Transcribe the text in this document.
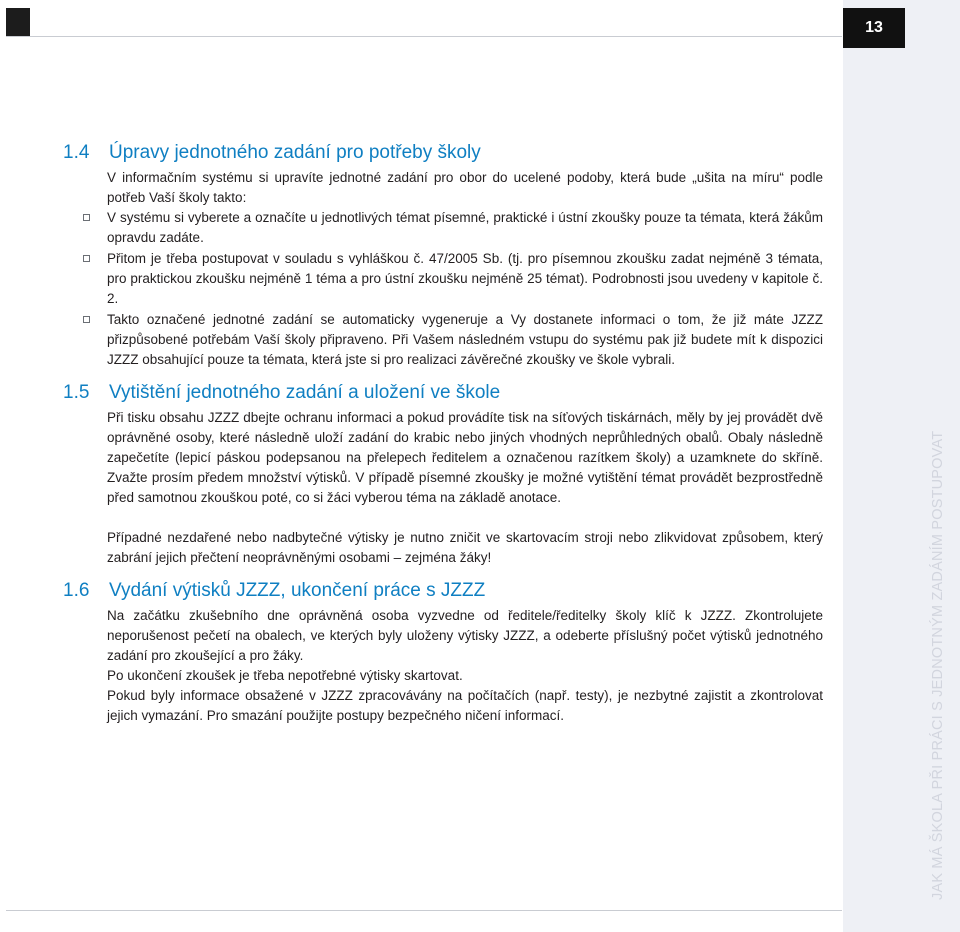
13
JAK MÁ ŠKOLA PŘI PRÁCI S JEDNOTNÝM ZADÁNÍM POSTUPOVAT
1.4 Úpravy jednotného zadání pro potřeby školy

V informačním systému si upravíte jednotné zadání pro obor do ucelené podoby, která bude „ušita na míru“ podle potřeb Vaší školy takto:

V systému si vyberete a označíte u jednotlivých témat písemné, praktické i ústní zkoušky pouze ta témata, která žákům opravdu zadáte.
Přitom je třeba postupovat v souladu s vyhláškou č. 47/2005 Sb. (tj. pro písemnou zkoušku zadat nejméně 3 témata, pro praktickou zkoušku nejméně 1 téma a pro ústní zkoušku nejméně 25 témat). Podrobnosti jsou uvedeny v kapitole č. 2.
Takto označené jednotné zadání se automaticky vygeneruje a Vy dostanete informaci o tom, že již máte JZZZ přizpůsobené potřebám Vaší školy připraveno. Při Vašem následném vstupu do systému pak již budete mít k dispozici JZZZ obsahující pouze ta témata, která jste si pro realizaci závěrečné zkoušky ve škole vybrali.
1.5 Vytištění jednotného zadání a uložení ve škole

Při tisku obsahu JZZZ dbejte ochranu informaci a pokud provádíte tisk na síťových tiskárnách, měly by jej provádět dvě oprávněné osoby, které následně uloží zadání do krabic nebo jiných vhodných neprůhledných obalů. Obaly následně zapečetíte (lepicí páskou podepsanou na přelepech ředitelem a označenou razítkem školy) a uzamknete do skříně. Zvažte prosím předem množství výtisků. V případě písemné zkoušky je možné vytištění témat provádět bezprostředně před samotnou zkouškou poté, co si žáci vyberou téma na základě anotace.

Případné nezdařené nebo nadbytečné výtisky je nutno zničit ve skartovacím stroji nebo zlikvidovat způsobem, který zabrání jejich přečtení neoprávněnými osobami – zejména žáky!

1.6 Vydání výtisků JZZZ, ukončení práce s JZZZ

Na začátku zkušebního dne oprávněná osoba vyzvedne od ředitele/ředitelky školy klíč k JZZZ. Zkontrolujete neporušenost pečetí na obalech, ve kterých byly uloženy výtisky JZZZ, a odeberte příslušný počet výtisků jednotného zadání pro zkoušející a pro žáky.

Po ukončení zkoušek je třeba nepotřebné výtisky skartovat.

Pokud byly informace obsažené v JZZZ zpracovávány na počítačích (např. testy), je nezbytné zajistit a zkontrolovat jejich vymazání. Pro smazání použijte postupy bezpečného ničení informací.
